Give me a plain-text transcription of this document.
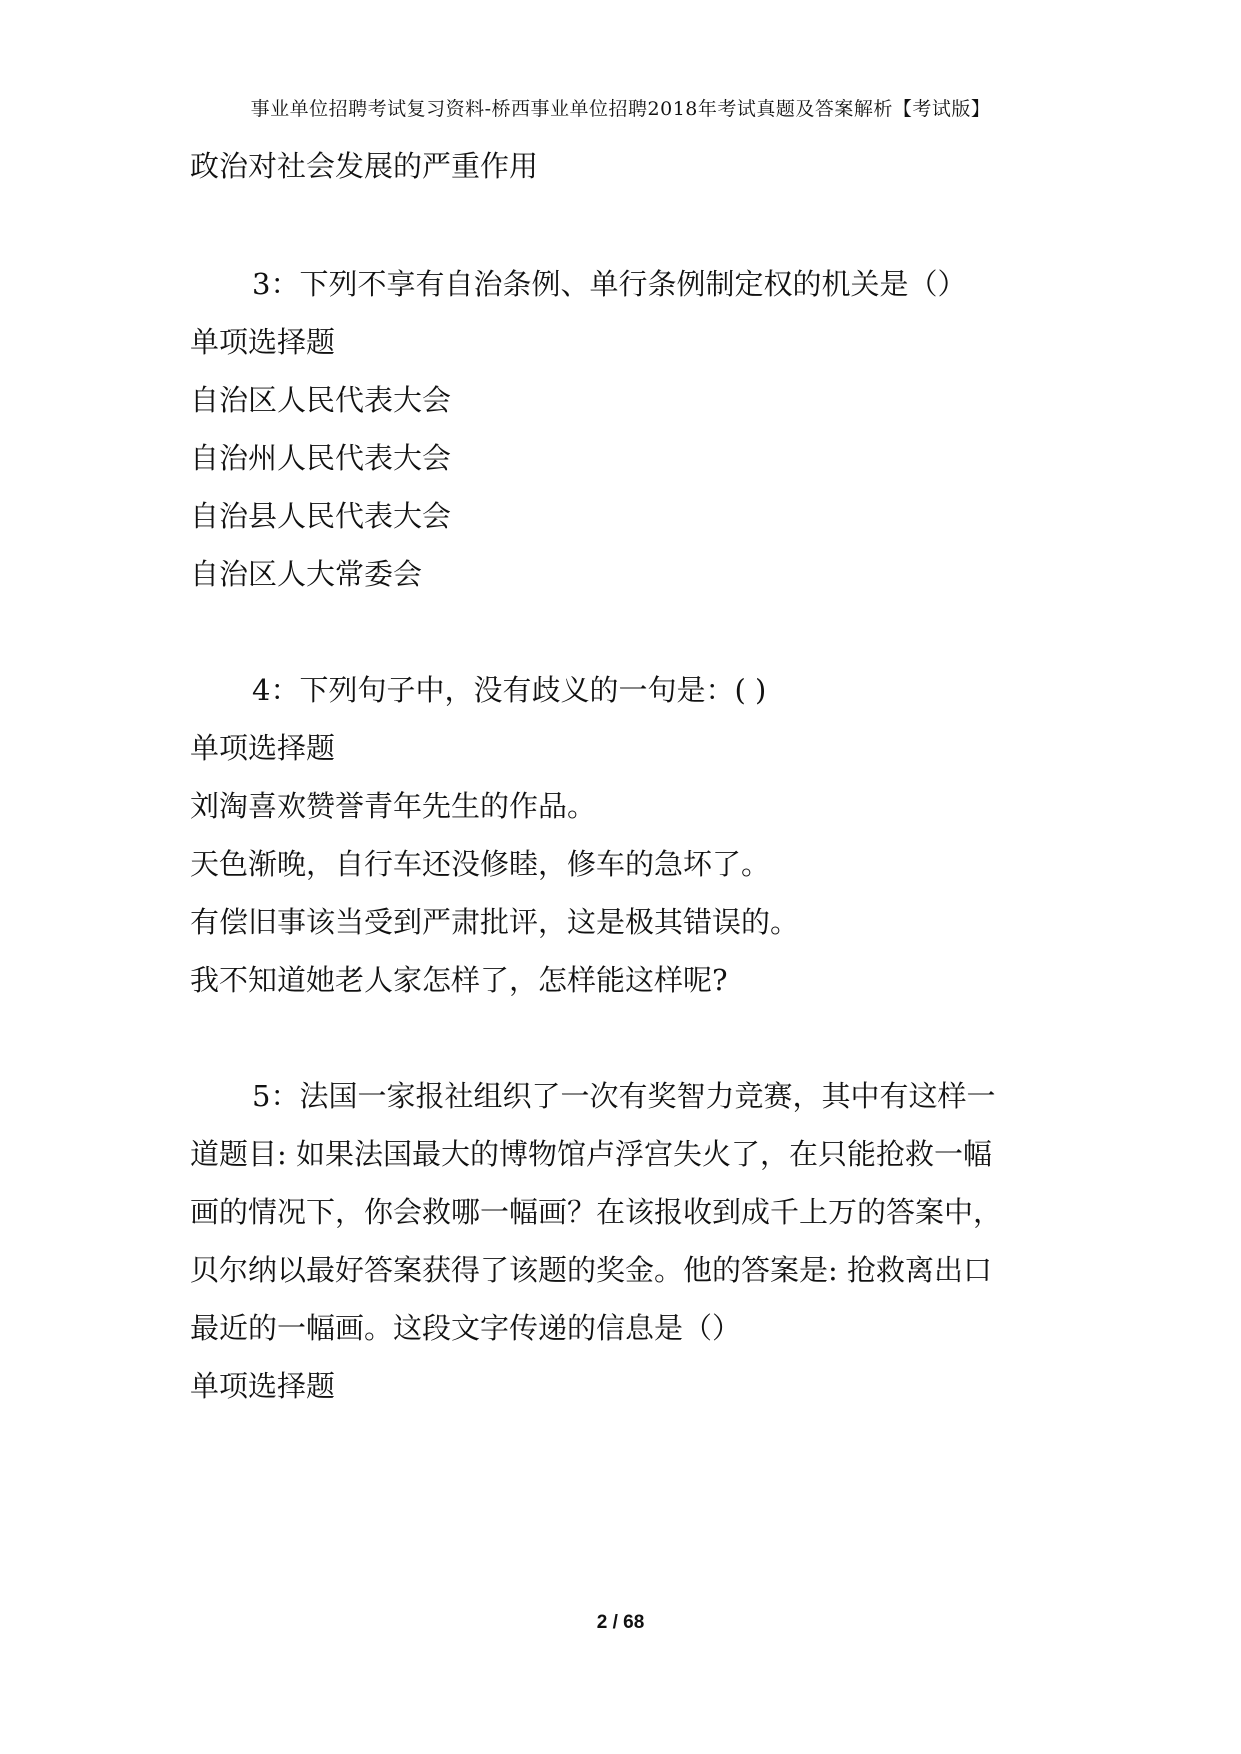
事业单位招聘考试复习资料-桥西事业单位招聘2018年考试真题及答案解析【考试版】
政治对社会发展的严重作用
3：下列不享有自治条例、单行条例制定权的机关是（）
单项选择题
自治区人民代表大会
自治州人民代表大会
自治县人民代表大会
自治区人大常委会
4：下列句子中，没有歧义的一句是：( )
单项选择题
刘淘喜欢赞誉青年先生的作品。
天色渐晚，自行车还没修睦，修车的急坏了。
有偿旧事该当受到严肃批评，这是极其错误的。
我不知道她老人家怎样了，怎样能这样呢?
5：法国一家报社组织了一次有奖智力竞赛，其中有这样一
道题目: 如果法国最大的博物馆卢浮宫失火了，在只能抢救一幅
画的情况下，你会救哪一幅画？在该报收到成千上万的答案中，
贝尔纳以最好答案获得了该题的奖金。他的答案是: 抢救离出口
最近的一幅画。这段文字传递的信息是（）
单项选择题
2 / 68
